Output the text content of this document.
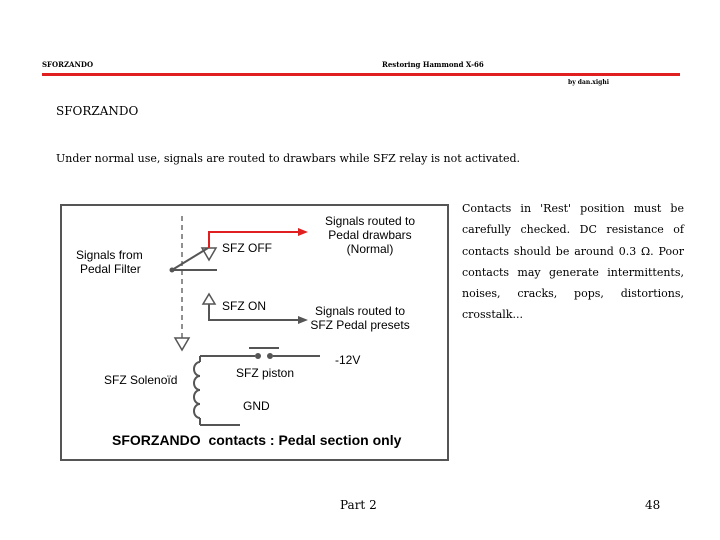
SFORZANDO	Restoring Hammond X-66
by dan.xighi
SFORZANDO
Under normal use, signals are routed to drawbars while SFZ relay is not activated.
Signals from
Pedal Filter
SFZ OFF
Signals routed to
Pedal drawbars
(Normal)
SFZ ON	Signals routed to
SFZ Pedal presets
SFZ Solenoïd	SFZ piston
-12V
GND
SFORZANDO  contacts : Pedal section only
Contacts in 'Rest' position must be carefully checked. DC resistance of contacts should be around 0.3 Ω. Poor contacts may generate intermittents, noises, cracks, pops, distortions, crosstalk...
Part 2	48
